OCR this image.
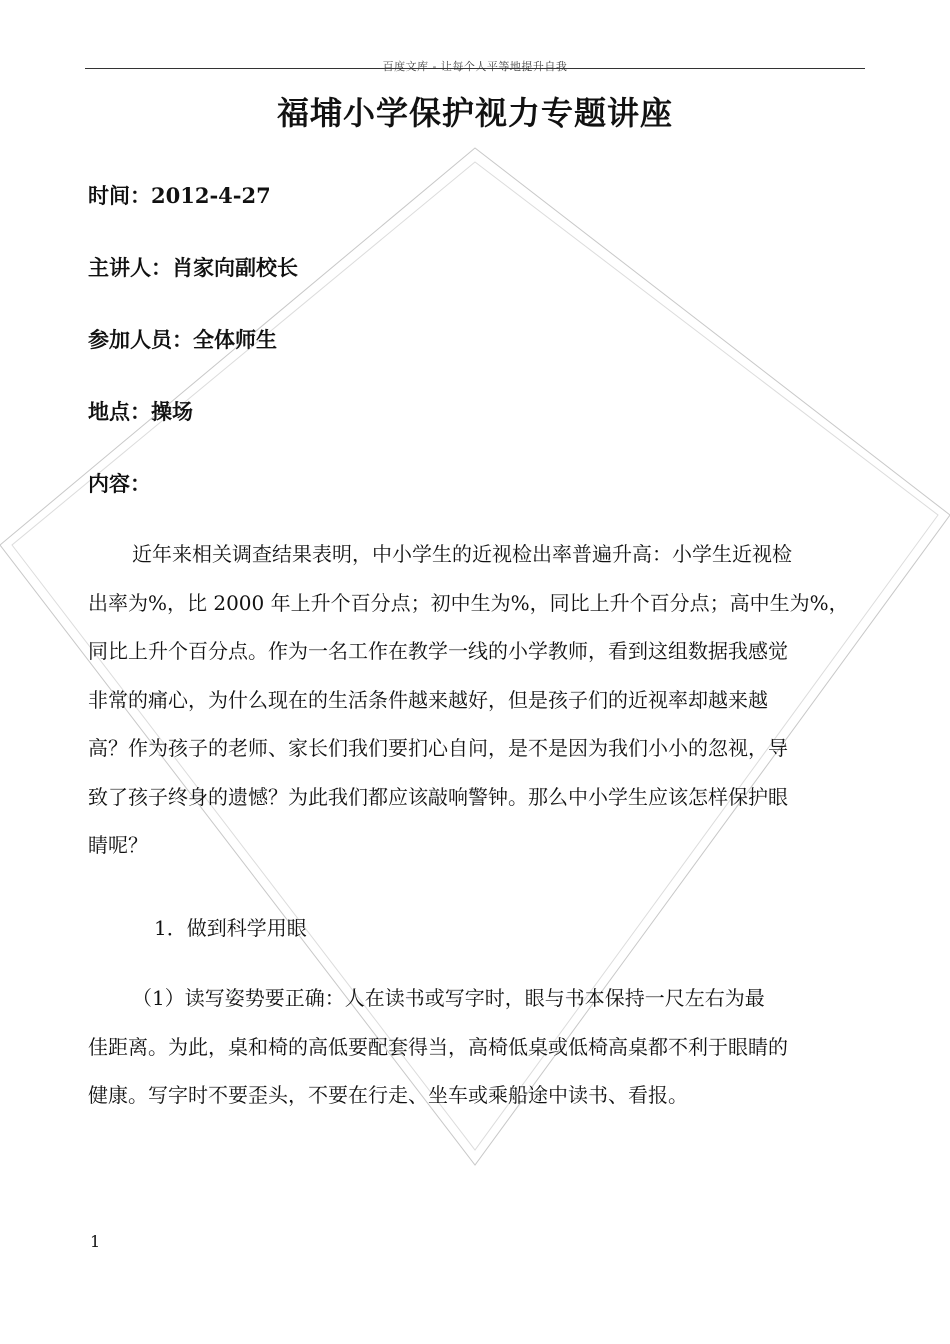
百度文库 - 让每个人平等地提升自我
福埔小学保护视力专题讲座
时间：2012-4-27
主讲人：肖家向副校长
参加人员：全体师生
地点：操场
内容：
近年来相关调查结果表明，中小学生的近视检出率普遍升高：小学生近视检
出率为%，比 2000 年上升个百分点；初中生为%，同比上升个百分点；高中生为%，
同比上升个百分点。作为一名工作在教学一线的小学教师，看到这组数据我感觉
非常的痛心，为什么现在的生活条件越来越好，但是孩子们的近视率却越来越
高？作为孩子的老师、家长们我们要扪心自问，是不是因为我们小小的忽视，导
致了孩子终身的遗憾？为此我们都应该敲响警钟。那么中小学生应该怎样保护眼
睛呢？
1．做到科学用眼
（1）读写姿势要正确：人在读书或写字时，眼与书本保持一尺左右为最
佳距离。为此，桌和椅的高低要配套得当，高椅低桌或低椅高桌都不利于眼睛的
健康。写字时不要歪头，不要在行走、坐车或乘船途中读书、看报。
1
